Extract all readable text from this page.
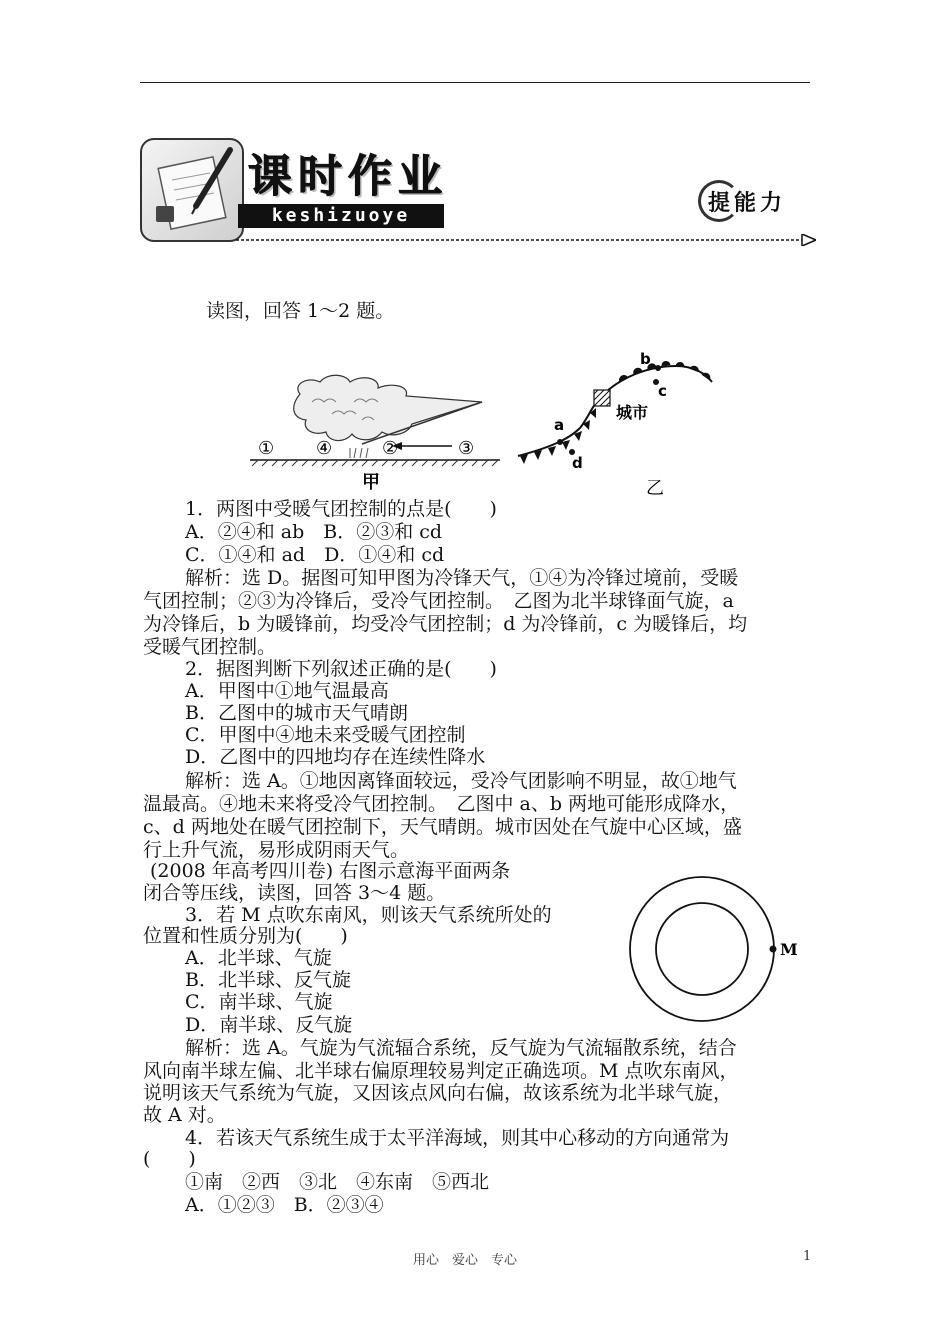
课时作业
keshizuoye	提能力
读图，回答 1～2 题。
① ④	②	③
甲
a
b
c
d
城市
乙
1．两图中受暖气团控制的点是(　　)
A．②④和 ab　B．②③和 cd
C．①④和 ad　D．①④和 cd
解析：选 D。据图可知甲图为冷锋天气，①④为冷锋过境前，受暖
气团控制；②③为冷锋后，受冷气团控制。　乙图为北半球锋面气旋，a
为冷锋后，b 为暖锋前，均受冷气团控制；d 为冷锋前，c 为暖锋后，均
受暖气团控制。
2．据图判断下列叙述正确的是(　　)
A．甲图中①地气温最高
B．乙图中的城市天气晴朗
C．甲图中④地未来受暖气团控制
D．乙图中的四地均存在连续性降水
解析：选 A。①地因离锋面较远，受冷气团影响不明显，故①地气
温最高。④地未来将受冷气团控制。　乙图中 a、b 两地可能形成降水，
c、d 两地处在暖气团控制下，天气晴朗。城市因处在气旋中心区域，盛
行上升气流，易形成阴雨天气。
(2008 年高考四川卷) 右图示意海平面两条
闭合等压线，读图，回答 3～4 题。
M
3．若 M 点吹东南风，则该天气系统所处的
位置和性质分别为(　　)
A．北半球、气旋
B．北半球、反气旋
C．南半球、气旋
D．南半球、反气旋
解析：选 A。气旋为气流辐合系统，反气旋为气流辐散系统，结合
风向南半球左偏、北半球右偏原理较易判定正确选项。M 点吹东南风，
说明该天气系统为气旋，又因该点风向右偏，故该系统为北半球气旋，
故 A 对。
4．若该天气系统生成于太平洋海域，则其中心移动的方向通常为
(　　)
①南　②西　③北　④东南　⑤西北
A．①②③　B．②③④
用心　爱心　专心	1
